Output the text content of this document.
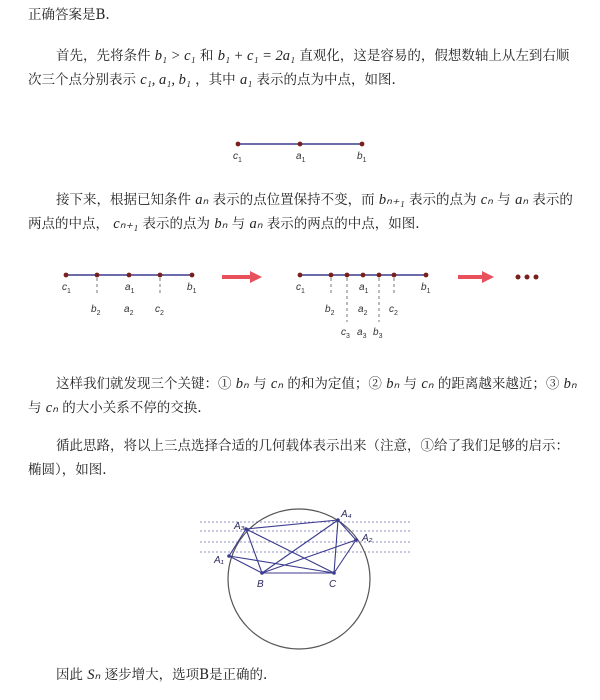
正确答案是B.
首先，先将条件 b₁ > c₁ 和 b₁ + c₁ = 2a₁ 直观化，这是容易的，假想数轴上从左到右顺次三个点分别表示 c₁, a₁, b₁ ，其中 a₁ 表示的点为中点，如图.
$c_1$	$a_1$	$b_1$
接下来，根据已知条件 aₙ 表示的点位置保持不变，而 bₙ₊₁ 表示的点为 cₙ 与 aₙ 表示的两点的中点， cₙ₊₁ 表示的点为 bₙ 与 aₙ 表示的两点的中点，如图.
$c_1$	$a_1$	$b_1$
$b_2$ $a_2$ $c_2$
$c_1$	$a_1$	$b_1$
$b_2$ $a_2$ $c_2$
$c_3$ $a_3$ $b_3$
这样我们就发现三个关键：① bₙ 与 cₙ 的和为定值；② bₙ 与 cₙ 的距离越来越近；③ bₙ 与 cₙ 的大小关系不停的交换.
循此思路，将以上三点选择合适的几何载体表示出来（注意，①给了我们足够的启示：椭圆），如图.
A₁
A₃
A₄
A₂
B	C
因此 Sₙ 逐步增大，选项B是正确的.
